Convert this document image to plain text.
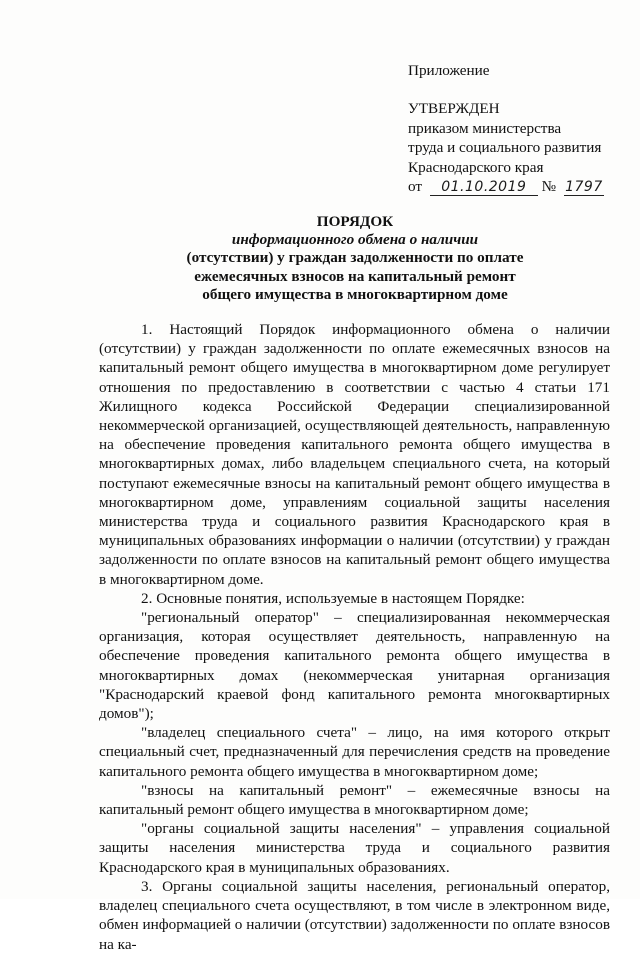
Приложение
УТВЕРЖДЕН
приказом министерства
труда и социального развития
Краснодарского края
от 01.10.2019 № 1797
ПОРЯДОК
информационного обмена о наличии
(отсутствии) у граждан задолженности по оплате
ежемесячных взносов на капитальный ремонт
общего имущества в многоквартирном доме

1. Настоящий Порядок информационного обмена о наличии (отсутствии) у граждан задолженности по оплате ежемесячных взносов на капитальный ремонт общего имущества в многоквартирном доме регулирует отношения по предоставлению в соответствии с частью 4 статьи 171 Жилищного кодекса Российской Федерации специализированной некоммерческой организацией, осуществляющей деятельность, направленную на обеспечение проведения капитального ремонта общего имущества в многоквартирных домах, либо владельцем специального счета, на который поступают ежемесячные взносы на капитальный ремонт общего имущества в многоквартирном доме, управлениям социальной защиты населения министерства труда и социального развития Краснодарского края в муниципальных образованиях информации о наличии (отсутствии) у граждан задолженности по оплате взносов на капитальный ремонт общего имущества в многоквартирном доме.

2. Основные понятия, используемые в настоящем Порядке:

"региональный оператор" – специализированная некоммерческая организация, которая осуществляет деятельность, направленную на обеспечение проведения капитального ремонта общего имущества в многоквартирных домах (некоммерческая унитарная организация "Краснодарский краевой фонд капитального ремонта многоквартирных домов");

"владелец специального счета" – лицо, на имя которого открыт специальный счет, предназначенный для перечисления средств на проведение капитального ремонта общего имущества в многоквартирном доме;

"взносы на капитальный ремонт" – ежемесячные взносы на капитальный ремонт общего имущества в многоквартирном доме;

"органы социальной защиты населения" – управления социальной защиты населения министерства труда и социального развития Краснодарского края в муниципальных образованиях.

3. Органы социальной защиты населения, региональный оператор, владелец специального счета осуществляют, в том числе в электронном виде, обмен информацией о наличии (отсутствии) задолженности по оплате взносов на ка-
